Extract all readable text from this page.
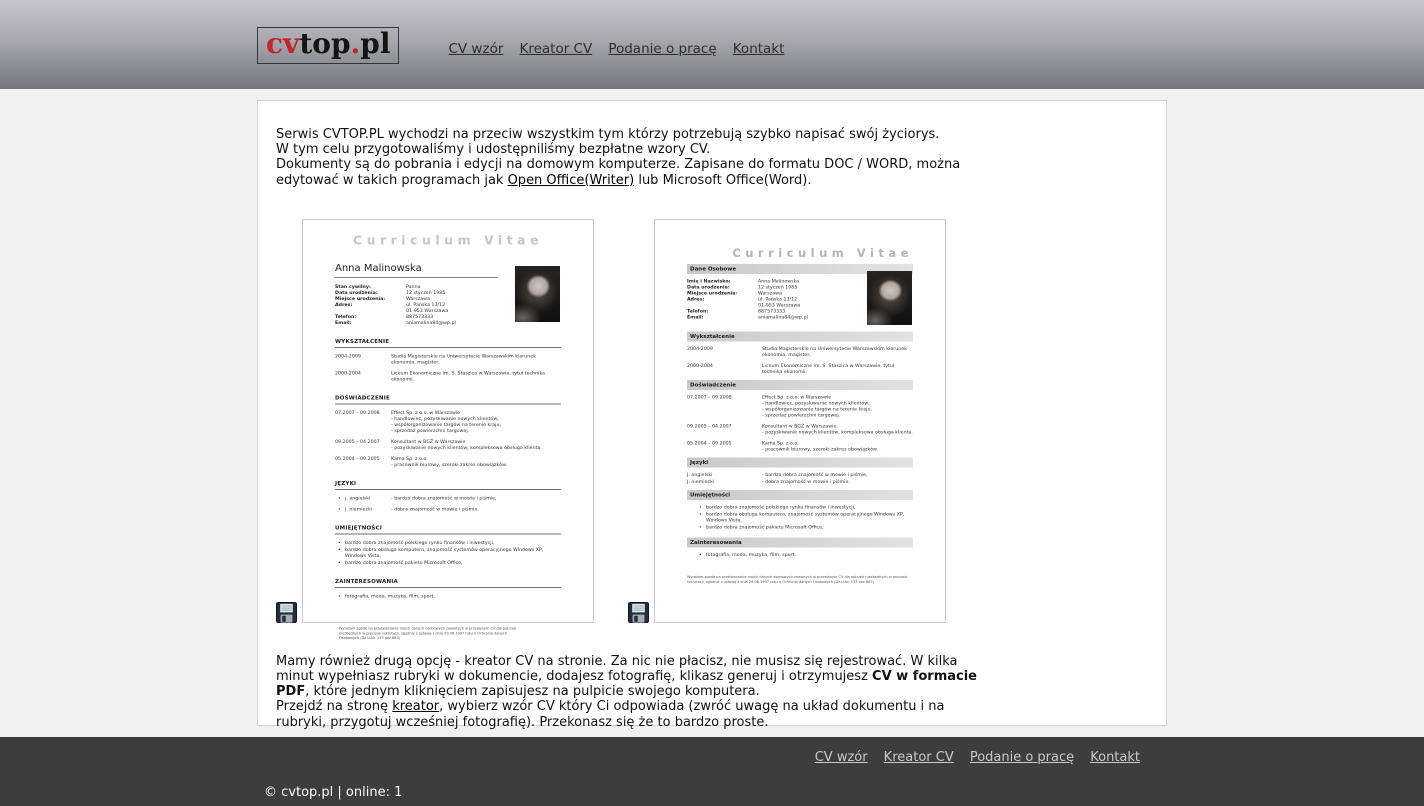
cvtop.pl	CV wzór Kreator CV Podanie o pracę Kontakt
Serwis CVTOP.PL wychodzi na przeciw wszystkim tym którzy potrzebują szybko napisać swój życiorys.
W tym celu przygotowaliśmy i udostępniliśmy bezpłatne wzory CV.
Dokumenty są do pobrania i edycji na domowym komputerze. Zapisane do formatu DOC / WORD, można edytować w takich programach jak Open Office(Writer) lub Microsoft Office(Word).
Curriculum Vitae
Anna Malinowska
Stan cywilny:	Panna
Data urodzenia:	12 styczeń 1985
Miejsce urodzenia:	Warszawa
Adres:	ul. Pańska 13/12
01-953 Warszawa
Telefon:	887573333
Email:	aniamalina84@wp.pl
WYKSZTAŁCENIE
2004-2009	Studia Magisterskie na Uniwersytecie Warszawskim kierunek ekonomia, magister,
2000-2004	Liceum Ekonomiczne im. S. Staszica w Warszawie, tytuł technika ekonomii.
DOŚWIADCZENIE
07.2007 – 09.2008	Effect Sp. z o.o. w Warszawie
- handlowiec, pozyskiwanie nowych klientów,
- współorganizowanie targów na terenie kraju,
- sprzedaż powierzchni targowej.
09.2005 – 04.2007	Konsultant w BGŻ w Warszawie
- pozyskiwanie nowych klientów, kompleksowa obsługa klienta.
05.2004 – 09.2005	Kama Sp. z o.o.
- pracownik biurowy, szeroki zakres obowiązków.
JĘZYKI
• j. angielski	- bardzo dobra znajomość w mowie i piśmie,
• j. niemiecki	- dobra znajomość w mowie i piśmie.
UMIEJĘTNOŚCI
• bardzo dobra znajomość polskiego rynku finansów i inwestycji,
• bardzo dobra obsługa komputera, znajomość systemów operacyjnego Windows XP, Windows Vista,
• bardzo dobra znajomość pakietu Microsoft Office,
ZAINTERESOWANIA
• fotografia, moda, muzyka, film, sport.
Wyrażam zgodę na przetwarzanie moich danych osobowych zawartych w przesłanym CV dla potrzeb niezbędnych w procesie rekrutacji, zgodnie z ustawą z dnia 29.08.1997 roku o Ochronie danych Osobowych (Dz.U.Nr. 133 poz.883)
Curriculum Vitae
Dane Osobowe
Imię i Nazwisko:	Anna Malinowska
Data urodzenia:	12 styczeń 1985
Miejsce urodzenia:	Warszawa
Adres:	ul. Pańska 13/12
01-953 Warszawa
Telefon:	887573333
Email:	aniamalina84@wp.pl
Wykształcenie
2004-2009	Studia Magisterskie na Uniwersytecie Warszawskim kierunek ekonomia, magister,
2000-2004	Liceum Ekonomiczne im. S. Staszica w Warszawie, tytuł technika ekonomii.
Doświadczenie
07.2007 – 09.2008	Effect Sp. z o.o. w Warszawie
- handlowiec, pozyskiwanie nowych klientów,
- współorganizowanie targów na terenie kraju,
- sprzedaż powierzchni targowej.
09.2005 – 04.2007	Konsultant w BGŻ w Warszawie
- pozyskiwanie nowych klientów, kompleksowa obsługa klienta.
05.2004 – 09.2005	Kama Sp. z o.o.
- pracownik biurowy, szeroki zakres obowiązków.
Języki
J. angielski	- bardzo dobra znajomość w mowie i piśmie,
J. niemiecki	- dobra znajomość w mowie i piśmie.
Umiejętności
• bardzo dobra znajomość polskiego rynku finansów i inwestycji,
• bardzo dobra obsługa komputera, znajomość systemów operacyjnego Windows XP, Windows Vista,
• bardzo dobra znajomość pakietu Microsoft Office,
Zainteresowania
• fotografia, moda, muzyka, film, sport.
Wyrażam zgodę na przetwarzanie moich danych osobowych zawartych w przesłanym CV dla potrzeb niezbędnych w procesie rekrutacji, zgodnie z ustawą z dnia 29.08.1997 roku o Ochronie danych Osobowych (Dz.U.Nr. 133 poz.883)

Mamy również drugą opcję - kreator CV na stronie. Za nic nie płacisz, nie musisz się rejestrować. W kilka minut wypełniasz rubryki w dokumencie, dodajesz fotografię, klikasz generuj i otrzymujesz CV w formacie PDF, które jednym kliknięciem zapisujesz na pulpicie swojego komputera.

Przejdź na stronę kreator, wybierz wzór CV który Ci odpowiada (zwróć uwagę na układ dokumentu i na rubryki, przygotuj wcześniej fotografię). Przekonasz się że to bardzo proste.

CV wzór Kreator CV Podanie o pracę Kontakt
© cvtop.pl | online: 1
